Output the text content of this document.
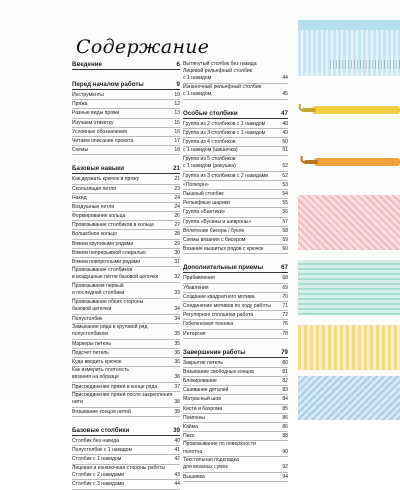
Содержание
Введение	6
Перед началом работы	9
Инструменты	10
Пряжа	12
Разные виды пряжи	13
Изучаем этикетку	15
Условные обозначения	16
Читаем описание проекта	17
Схемы	18
Базовые навыки	21
Как держать крючок и пряжу	21
Скользящая петля	23
Накид	24
Воздушные петли	24
Формирование кольца	26
Провязывание столбиков в кольце	27
Волшебное кольцо	28
Вяжем круговыми рядами	29
Вяжем непрерывной спиралью	30
Вяжем поворотными рядами	31
Провязывание столбиков
в воздушные петли базовой цепочки	32
Провязываем первый
и последний столбики	33
Провязывание обеих стороны
базовой цепочки	34
Полустолбик	34
Замыкание ряда в круговой ряд
полустолбиком	35
Маркеры петель	35
Подсчет петель	36
Куда вводить крючок	36
Как измерить плотность
вязания на образце	36
Присоединение пряжи в конце ряда	37
Присоединение пряжи после закрепления
нити	38
Вязывание концов нитей	39
Базовые столбики	39
Столбик без накида	40
Полустолбик с 1 накидом	41
Столбик с 1 накидом	42
Лицевая и изнаночная стороны работы
Столбик с 2 накидами	43
Столбик с 3 накидами	44
Вытянутый столбик без накида
Лицевой рельефный столбик
с 1 накидом	44
Изнаночный рельефный столбик
с 1 накидом	45
Особые столбики	47
Группа из 2 столбиков с 1 накидом	48
Группа из 3 столбиков с 1 накидом	49
Группа из 4 столбиков	50
с 1 накидом (шишечка)	51
Группа из 5 столбиков
с 1 накидом (ракушка)	52
Группа из 3 столбиков с 2 накидами	52
«Попкорн»	53
Пышный столбик	54
Рельефные шарики	55
Группа «Бантики»	56
Группа «Бусины и шевроны»	57
Вплетение бисера / букле	58
Схемы вязания с бисером	59
Вязание вышитых рядов с крючок	60
Дополнительные приемы	67
Прибавления	68
Убавления	69
Создание квадратного мотива	70
Соединение мотивов по ходу работы 71
Регулярное сплошная работа	72
Гобеленовая техника	76
Интарсия	78
Завершение работы	79
Закрытие петель	80
Вязывание свободных концов	81
Блокирование	82
Сшивание деталей	83
Матрасный шов	84
Кисти и бахрома	85
Помпоны	86
Кайма	86
Пико	88
Провязывание по поверхности
полотна	90
Текстильная подкладка
для вязаных сумок	92
Вышивка	94
